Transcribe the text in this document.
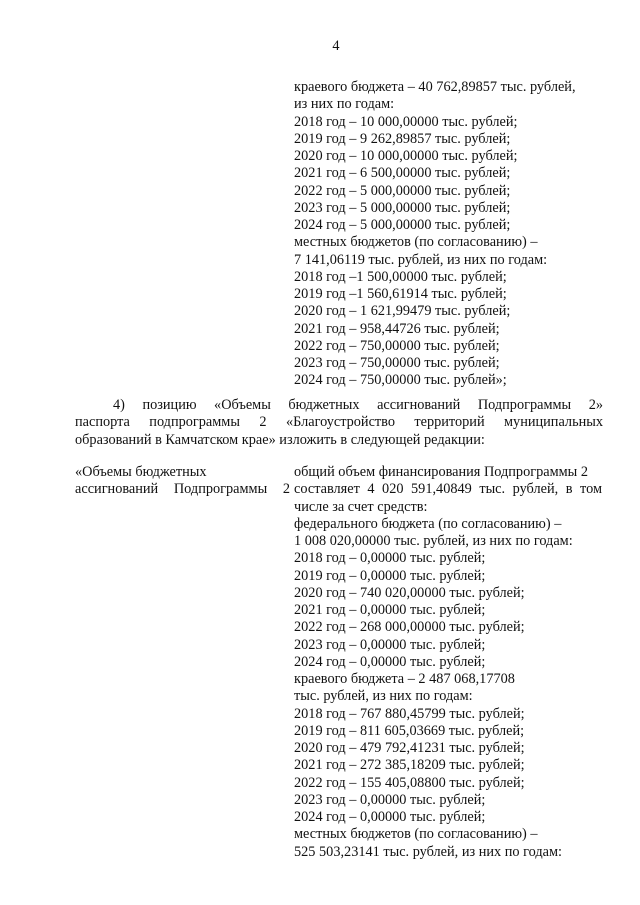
4
краевого бюджета – 40 762,89857 тыс. рублей,
из них по годам:
2018 год – 10 000,00000 тыс. рублей;
2019 год – 9 262,89857 тыс. рублей;
2020 год – 10 000,00000 тыс. рублей;
2021 год – 6 500,00000 тыс. рублей;
2022 год – 5 000,00000 тыс. рублей;
2023 год – 5 000,00000 тыс. рублей;
2024 год – 5 000,00000 тыс. рублей;
местных бюджетов (по согласованию) –
7 141,06119 тыс. рублей, из них по годам:
2018 год –1 500,00000 тыс. рублей;
2019 год –1 560,61914 тыс. рублей;
2020 год – 1 621,99479 тыс. рублей;
2021 год – 958,44726 тыс. рублей;
2022 год – 750,00000 тыс. рублей;
2023 год – 750,00000 тыс. рублей;
2024 год – 750,00000 тыс. рублей»;
4) позицию «Объемы бюджетных ассигнований Подпрограммы 2»
паспорта подпрограммы 2 «Благоустройство территорий муниципальных
образований в Камчатском крае» изложить в следующей редакции:
«Объемы бюджетных
ассигнований Подпрограммы 2
общий объем финансирования Подпрограммы 2
составляет 4 020 591,40849 тыс. рублей, в том
числе за счет средств:
федерального бюджета (по согласованию) –
1 008 020,00000 тыс. рублей, из них по годам:
2018 год – 0,00000 тыс. рублей;
2019 год – 0,00000 тыс. рублей;
2020 год – 740 020,00000 тыс. рублей;
2021 год – 0,00000 тыс. рублей;
2022 год – 268 000,00000 тыс. рублей;
2023 год – 0,00000 тыс. рублей;
2024 год – 0,00000 тыс. рублей;
краевого бюджета – 2 487 068,17708
тыс. рублей, из них по годам:
2018 год – 767 880,45799 тыс. рублей;
2019 год – 811 605,03669 тыс. рублей;
2020 год – 479 792,41231 тыс. рублей;
2021 год – 272 385,18209 тыс. рублей;
2022 год – 155 405,08800 тыс. рублей;
2023 год – 0,00000 тыс. рублей;
2024 год – 0,00000 тыс. рублей;
местных бюджетов (по согласованию) –
525 503,23141 тыс. рублей, из них по годам:
